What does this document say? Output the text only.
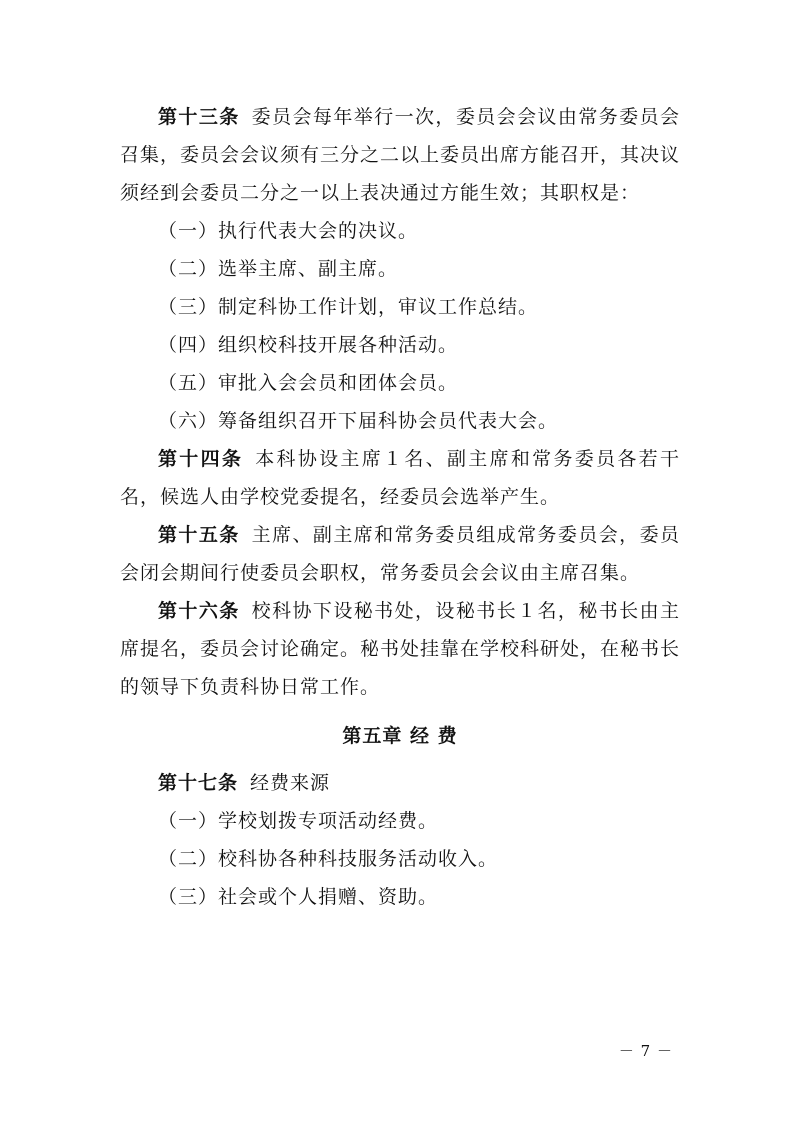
第十三条 委员会每年举行一次，委员会会议由常务委员会召集，委员会会议须有三分之二以上委员出席方能召开，其决议须经到会委员二分之一以上表决通过方能生效；其职权是：

（一）执行代表大会的决议。

（二）选举主席、副主席。

（三）制定科协工作计划，审议工作总结。

（四）组织校科技开展各种活动。

（五）审批入会会员和团体会员。

（六）筹备组织召开下届科协会员代表大会。

第十四条 本科协设主席１名、副主席和常务委员各若干名，候选人由学校党委提名，经委员会选举产生。

第十五条 主席、副主席和常务委员组成常务委员会，委员会闭会期间行使委员会职权，常务委员会会议由主席召集。

第十六条 校科协下设秘书处，设秘书长１名，秘书长由主席提名，委员会讨论确定。秘书处挂靠在学校科研处，在秘书长的领导下负责科协日常工作。

第五章 经 费

第十七条 经费来源

（一）学校划拨专项活动经费。

（二）校科协各种科技服务活动收入。

（三）社会或个人捐赠、资助。

－ 7 －
